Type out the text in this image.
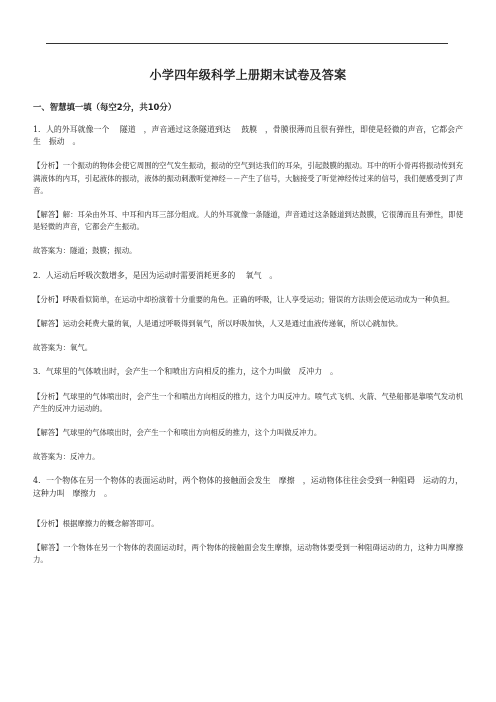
小学四年级科学上册期末试卷及答案
一、智慧填一填（每空2分，共10分）

1．人的外耳就像一个　 隧道　，声音通过这条隧道到达　 鼓膜　，骨膜很薄而且很有弹性，即使是轻微的声音，它都会产生　振动　。

【分析】一个振动的物体会使它周围的空气发生振动，振动的空气到达我们的耳朵，引起鼓膜的振动。耳中的听小骨再将振动传到充满液体的内耳，引起液体的振动，液体的振动刺激听觉神经－－产生了信号，大脑接受了听觉神经传过来的信号，我们便感受到了声音。

【解答】解：耳朵由外耳、中耳和内耳三部分组成。人的外耳就像一条隧道，声音通过这条隧道到达鼓膜，它很薄而且有弹性，即使是轻微的声音，它都会产生振动。

故答案为：隧道；鼓膜；振动。

2．人运动后呼吸次数增多，是因为运动时需要消耗更多的　 氧气　。

【分析】呼吸看似简单，在运动中却扮演着十分重要的角色。正确的呼吸，让人享受运动；错误的方法则会使运动成为一种负担。

【解答】运动会耗费大量的氧，人是通过呼吸得到氧气，所以呼吸加快，人又是通过血液传递氧，所以心跳加快。

故答案为：氧气。

3．气球里的气体喷出时，会产生一个和喷出方向相反的推力，这个力叫做　反冲力　。

【分析】气球里的气体喷出时，会产生一个和喷出方向相反的推力，这个力叫反冲力。喷气式飞机、火箭、气垫船都是靠喷气发动机产生的反冲力运动的。

【解答】气球里的气体喷出时，会产生一个和喷出方向相反的推力，这个力叫做反冲力。

故答案为：反冲力。

4．一个物体在另一个物体的表面运动时，两个物体的接触面会发生　摩擦　，运动物体往往会受到一种阻碍　运动的力，这种力叫　摩擦力　。

【分析】根据摩擦力的概念解答即可。

【解答】一个物体在另一个物体的表面运动时，两个物体的接触面会发生摩擦，运动物体要受到一种阻碍运动的力，这种力叫摩擦力。
